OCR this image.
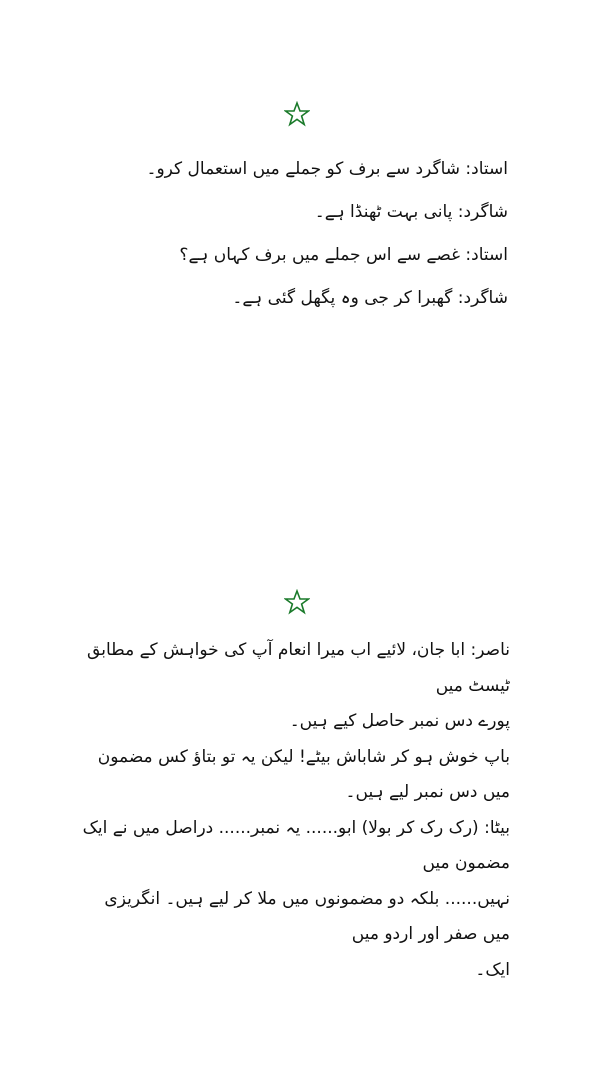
استاد: شاگرد سے برف کو جملے میں استعمال کرو۔
شاگرد: پانی بہت ٹھنڈا ہے۔
استاد: غصے سے اس جملے میں برف کہاں ہے؟
شاگرد: گھبرا کر جی وہ پگھل گئی ہے۔
ناصر: ابا جان، لائیے اب میرا انعام آپ کی خواہش کے مطابق ٹیسٹ میں
پورے دس نمبر حاصل کیے ہیں۔
باپ خوش ہو کر شاباش بیٹے! لیکن یہ تو بتاؤ کس مضمون میں دس نمبر لیے ہیں۔
بیٹا: (رک رک کر بولا) ابو...... یہ نمبر...... دراصل میں نے ایک مضمون میں
نہیں...... بلکہ دو مضمونوں میں ملا کر لیے ہیں۔ انگریزی میں صفر اور اردو میں
ایک۔
